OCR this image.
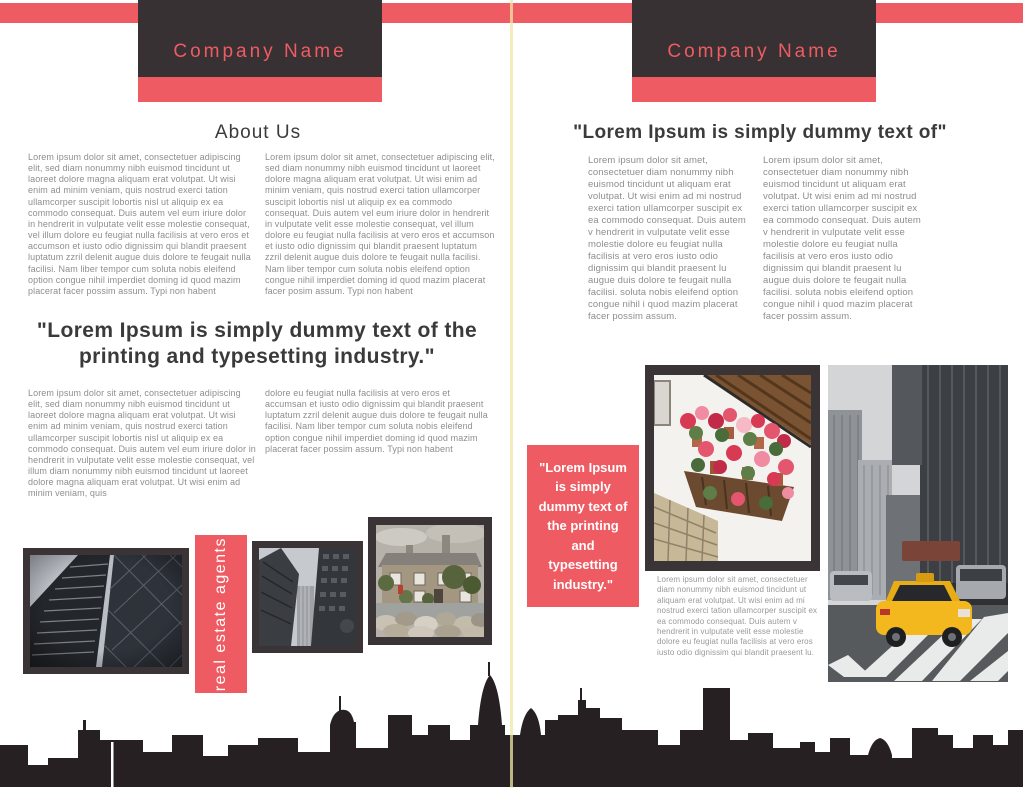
Company Name	Company Name
About Us
Lorem ipsum dolor sit amet, consectetuer adipiscing elit, sed diam nonummy nibh euismod tincidunt ut laoreet dolore magna aliquam erat volutpat. Ut wisi enim ad minim veniam, quis nostrud exerci tation ullamcorper suscipit lobortis nisl ut aliquip ex ea commodo consequat. Duis autem vel eum iriure dolor in hendrerit in vulputate velit esse molestie consequat, vel illum dolore eu feugiat nulla facilisis at vero eros et accumson et iusto odio dignissim qui blandit praesent luptatum zzril delenit augue duis dolore te feugait nulla facilisi. Nam liber tempor cum soluta nobis eleifend option congue nihil imperdiet doming id quod mazim placerat facer possim assum. Typi non habent
Lorem ipsum dolor sit amet, consectetuer adipiscing elit, sed diam nonummy nibh euismod tincidunt ut laoreet dolore magna aliquam erat volutpat. Ut wisi enim ad minim veniam, quis nostrud exerci tation ullamcorper suscipit lobortis nisl ut aliquip ex ea commodo consequat. Duis autem vel eum iriure dolor in hendrerit in vulputate velit esse molestie consequat, vel illum dolore eu feugiat nulla facilisis at vero eros et accumson et iusto odio dignissim qui blandit praesent luptatum zzril delenit augue duis dolore te feugait nulla facilisi. Nam liber tempor cum soluta nobis eleifend option congue nihil imperdiet doming id quod mazim placerat facer posim assum. Typi non habent
"Lorem Ipsum is simply dummy text of the printing and typesetting industry."
Lorem ipsum dolor sit amet, consectetuer adipiscing elit, sed diam nonummy nibh euismod tincidunt ut laoreet dolore magna aliquam erat volutpat. Ut wisi enim ad minim veniam, quis nostrud exerci tation ullamcorper suscipit lobortis nisl ut aliquip ex ea commodo consequat. Duis autem vel eum iriure dolor in hendrerit in vulputate velit esse molestie consequat, vel illum diam nonummy nibh euismod tincidunt ut laoreet dolore magna aliquam erat volutpat. Ut wisi enim ad minim veniam, quis
dolore eu feugiat nulla facilisis at vero eros et accumsan et iusto odio dignissim qui blandit praesent luptatum zzril delenit augue duis dolore te feugait nulla facilisi. Nam liber tempor cum soluta nobis eleifend option congue nihil imperdiet doming id quod mazim placerat facer possim assum. Typi non habent
real estate agents
"Lorem Ipsum is simply dummy text of"
Lorem ipsum dolor sit amet, consectetuer diam nonummy nibh euismod tincidunt ut aliquam erat volutpat. Ut wisi enim ad mi nostrud exerci tation ullamcorper suscipit ex ea commodo consequat. Duis autem v hendrerit in vulputate velit esse molestie dolore eu feugiat nulla facilisis at vero eros iusto odio dignissim qui blandit praesent lu augue duis dolore te feugait nulla facilisi. soluta nobis eleifend option congue nihil i quod mazim placerat facer possim assum.
Lorem ipsum dolor sit amet, consectetuer diam nonummy nibh euismod tincidunt ut aliquam erat volutpat. Ut wisi enim ad mi nostrud exerci tation ullamcorper suscipit ex ea commodo consequat. Duis autem v hendrerit in vulputate velit esse molestie dolore eu feugiat nulla facilisis at vero eros iusto odio dignissim qui blandit praesent lu augue duis dolore te feugait nulla facilisi. soluta nobis eleifend option congue nihil i quod mazim placerat facer possim assum.
"Lorem Ipsum is simply dummy text of the printing and typesetting industry."	Lorem ipsum dolor sit amet, consectetuer diam nonummy nibh euismod tincidunt ut aliquam erat volutpat. Ut wisi enim ad mi nostrud exerci tation ullamcorper suscipit ex ea commodo consequat. Duis autem v hendrerit in vulputate velit esse molestie dolore eu feugiat nulla facilisis at vero eros iusto odio dignissim qui blandit praesent lu.
